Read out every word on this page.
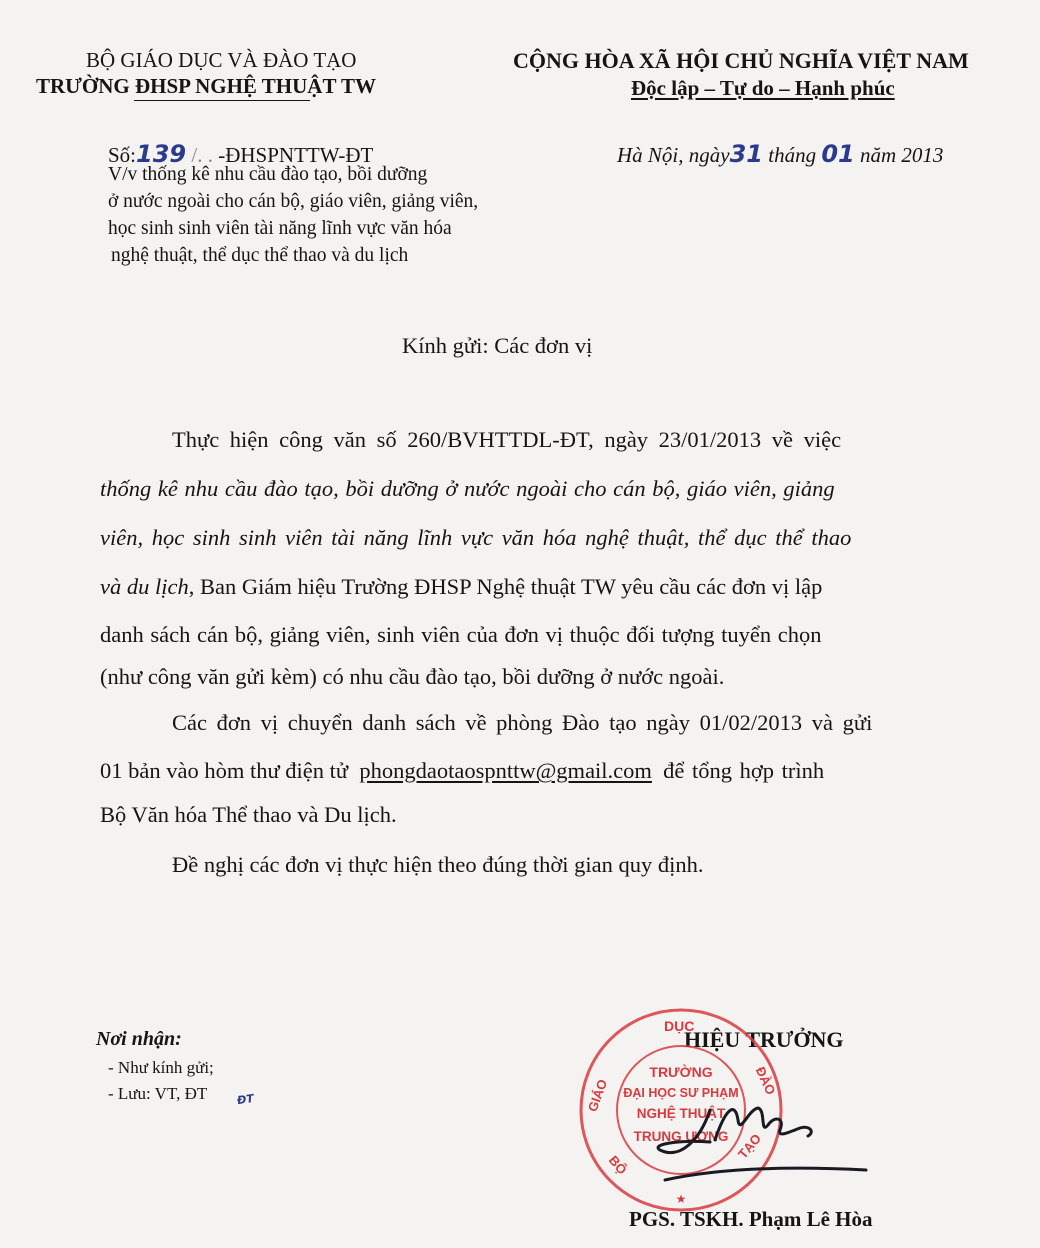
BỘ GIÁO DỤC VÀ ĐÀO TẠO
TRƯỜNG ĐHSP NGHỆ THUẬT TW
CỘNG HÒA XÃ HỘI CHỦ NGHĨA VIỆT NAM
Độc lập – Tự do – Hạnh phúc
Số:139 /. . -ĐHSPNTTW-ĐT	Hà Nội, ngày31 tháng 01 năm 2013
V/v thống kê nhu cầu đào tạo, bồi dưỡng
ở nước ngoài cho cán bộ, giáo viên, giảng viên,
học sinh sinh viên tài năng lĩnh vực văn hóa
nghệ thuật, thể dục thể thao và du lịch
Kính gửi: Các đơn vị
Thực hiện công văn số 260/BVHTTDL-ĐT, ngày 23/01/2013 về việc
thống kê nhu cầu đào tạo, bồi dưỡng ở nước ngoài cho cán bộ, giáo viên, giảng
viên, học sinh sinh viên tài năng lĩnh vực văn hóa nghệ thuật, thể dục thể thao
và du lịch, Ban Giám hiệu Trường ĐHSP Nghệ thuật TW yêu cầu các đơn vị lập
danh sách cán bộ, giảng viên, sinh viên của đơn vị thuộc đối tượng tuyển chọn
(như công văn gửi kèm) có nhu cầu đào tạo, bồi dưỡng ở nước ngoài.
Các đơn vị chuyển danh sách về phòng Đào tạo ngày 01/02/2013 và gửi
01 bản vào hòm thư điện tử phongdaotaospnttw@gmail.com để tổng hợp trình
Bộ Văn hóa Thể thao và Du lịch.
Đề nghị các đơn vị thực hiện theo đúng thời gian quy định.
Nơi nhận:
- Như kính gửi;
- Lưu: VT, ĐT	ĐT
HIỆU TRƯỞNG
DỤC
GIÁO	ĐÀO
BỘ
TẠO
TRƯỜNG
ĐẠI HỌC SƯ PHẠM
NGHỆ THUẬT
TRUNG ƯƠNG
★
PGS. TSKH. Phạm Lê Hòa
